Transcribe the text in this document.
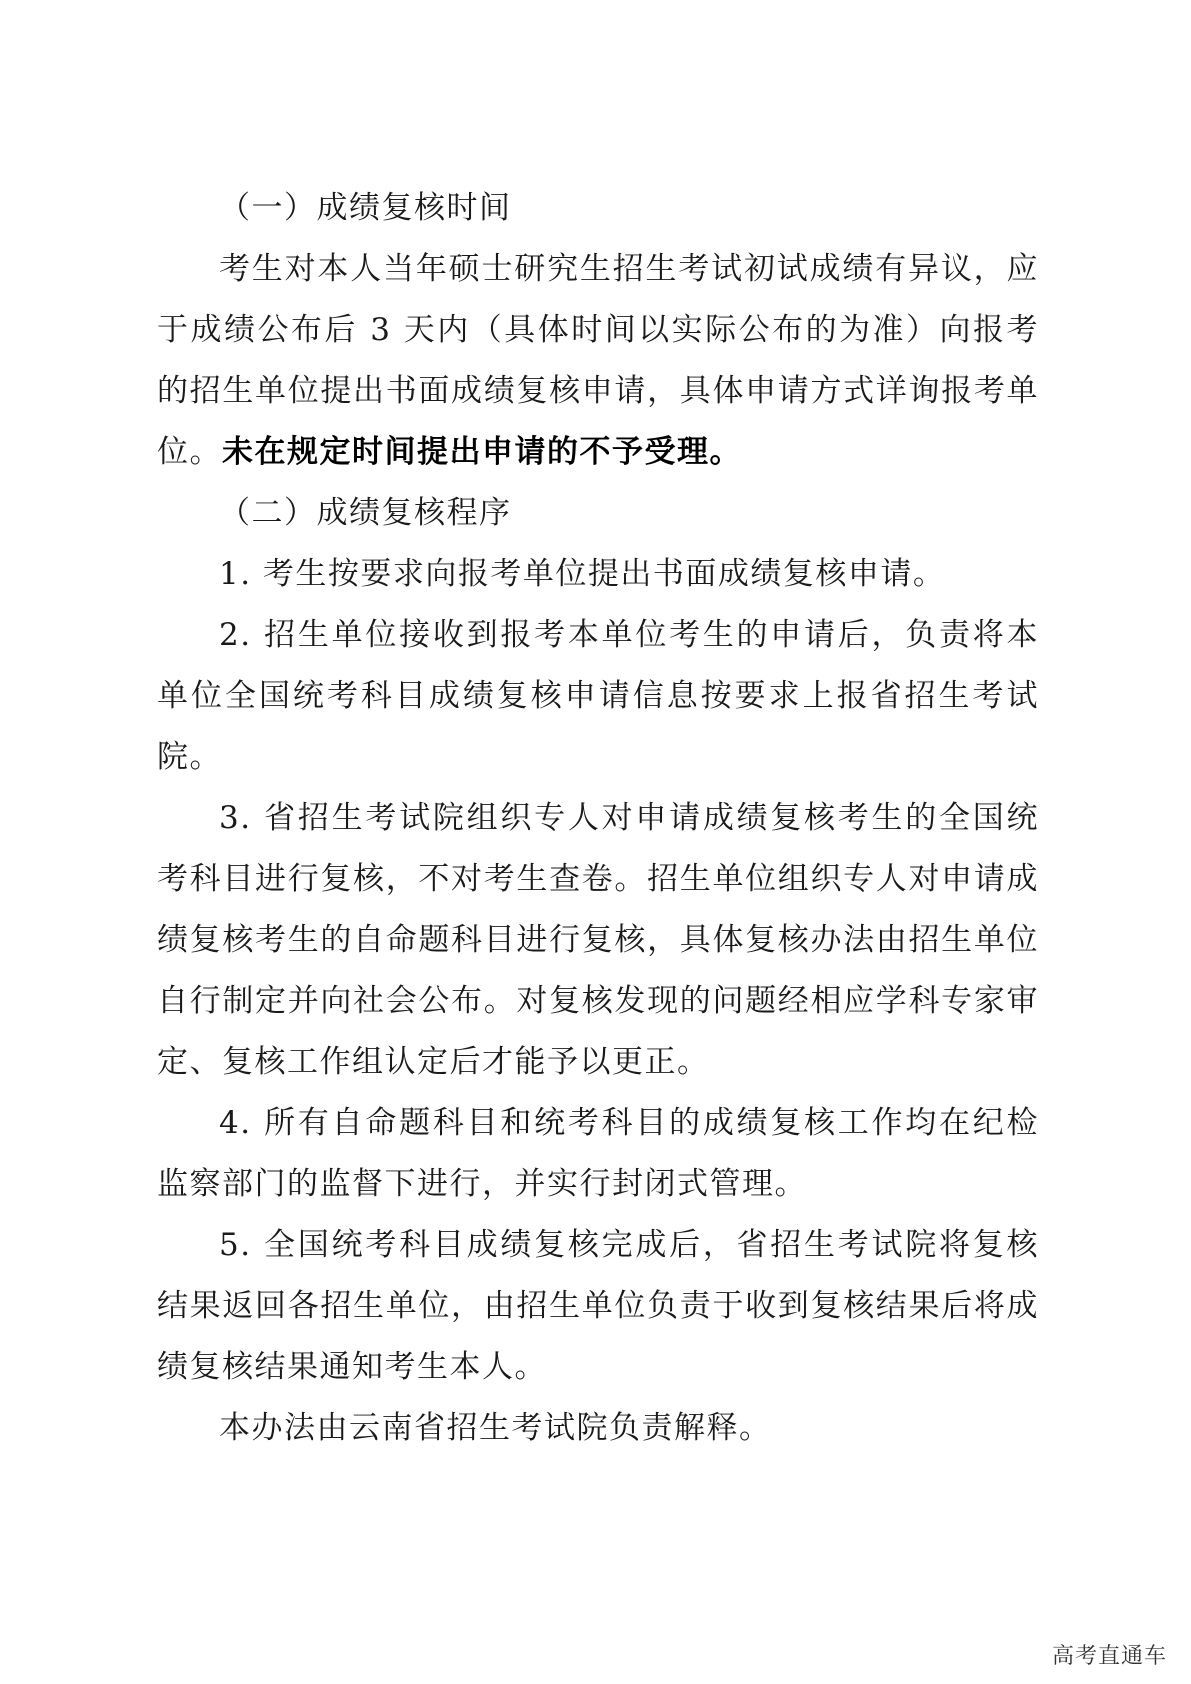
（一）成绩复核时间

考生对本人当年硕士研究生招生考试初试成绩有异议，应于成绩公布后 3 天内（具体时间以实际公布的为准）向报考的招生单位提出书面成绩复核申请，具体申请方式详询报考单位。未在规定时间提出申请的不予受理。

（二）成绩复核程序

1. 考生按要求向报考单位提出书面成绩复核申请。

2. 招生单位接收到报考本单位考生的申请后，负责将本单位全国统考科目成绩复核申请信息按要求上报省招生考试院。

3. 省招生考试院组织专人对申请成绩复核考生的全国统考科目进行复核，不对考生查卷。招生单位组织专人对申请成绩复核考生的自命题科目进行复核，具体复核办法由招生单位自行制定并向社会公布。对复核发现的问题经相应学科专家审定、复核工作组认定后才能予以更正。

4. 所有自命题科目和统考科目的成绩复核工作均在纪检监察部门的监督下进行，并实行封闭式管理。

5. 全国统考科目成绩复核完成后，省招生考试院将复核结果返回各招生单位，由招生单位负责于收到复核结果后将成绩复核结果通知考生本人。

本办法由云南省招生考试院负责解释。

高考直通车
